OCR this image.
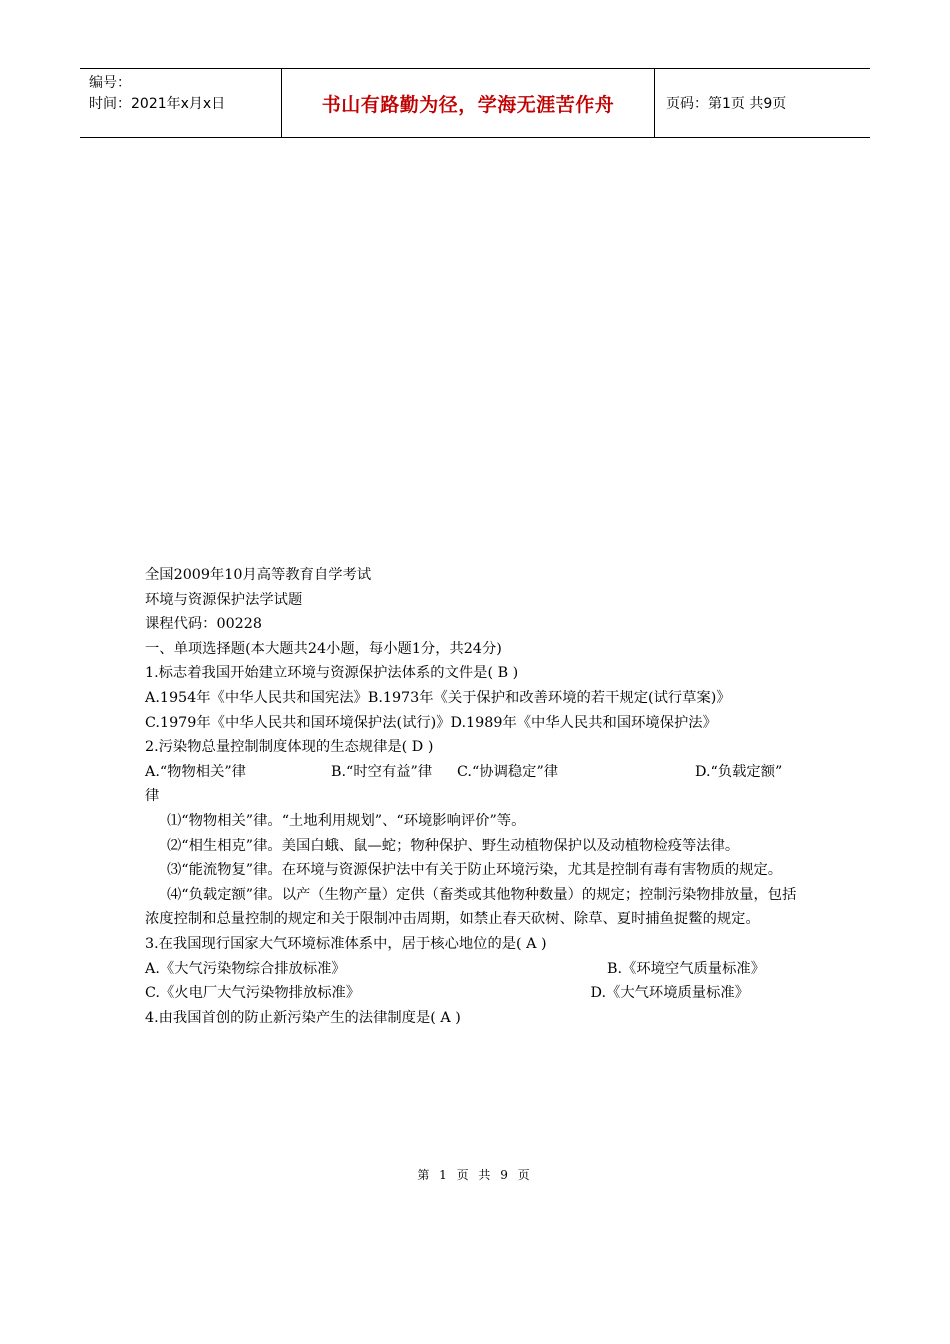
编号：
时间：2021年x月x日	书山有路勤为径，学海无涯苦作舟	页码：第1页 共9页

全国2009年10月高等教育自学考试

环境与资源保护法学试题

课程代码：00228

一、单项选择题(本大题共24小题，每小题1分，共24分)

1.标志着我国开始建立环境与资源保护法体系的文件是( B )

A.1954年《中华人民共和国宪法》B.1973年《关于保护和改善环境的若干规定(试行草案)》

C.1979年《中华人民共和国环境保护法(试行)》D.1989年《中华人民共和国环境保护法》

2.污染物总量控制制度体现的生态规律是( D )

A.“物物相关”律	B.“时空有益”律	C.“协调稳定”律	D.“负载定额”

律

⑴“物物相关”律。“土地利用规划”、“环境影响评价”等。

⑵“相生相克”律。美国白蛾、鼠—蛇；物种保护、野生动植物保护以及动植物检疫等法律。

⑶“能流物复”律。在环境与资源保护法中有关于防止环境污染，尤其是控制有毒有害物质的规定。

⑷“负载定额”律。以产（生物产量）定供（畜类或其他物种数量）的规定；控制污染物排放量，包括浓度控制和总量控制的规定和关于限制冲击周期，如禁止春天砍树、除草、夏时捕鱼捉鳖的规定。

3.在我国现行国家大气环境标准体系中，居于核心地位的是( A )

A.《大气污染物综合排放标准》	B.《环境空气质量标准》
C.《火电厂大气污染物排放标准》	D.《大气环境质量标准》

4.由我国首创的防止新污染产生的法律制度是( A )

第 1 页 共 9 页
